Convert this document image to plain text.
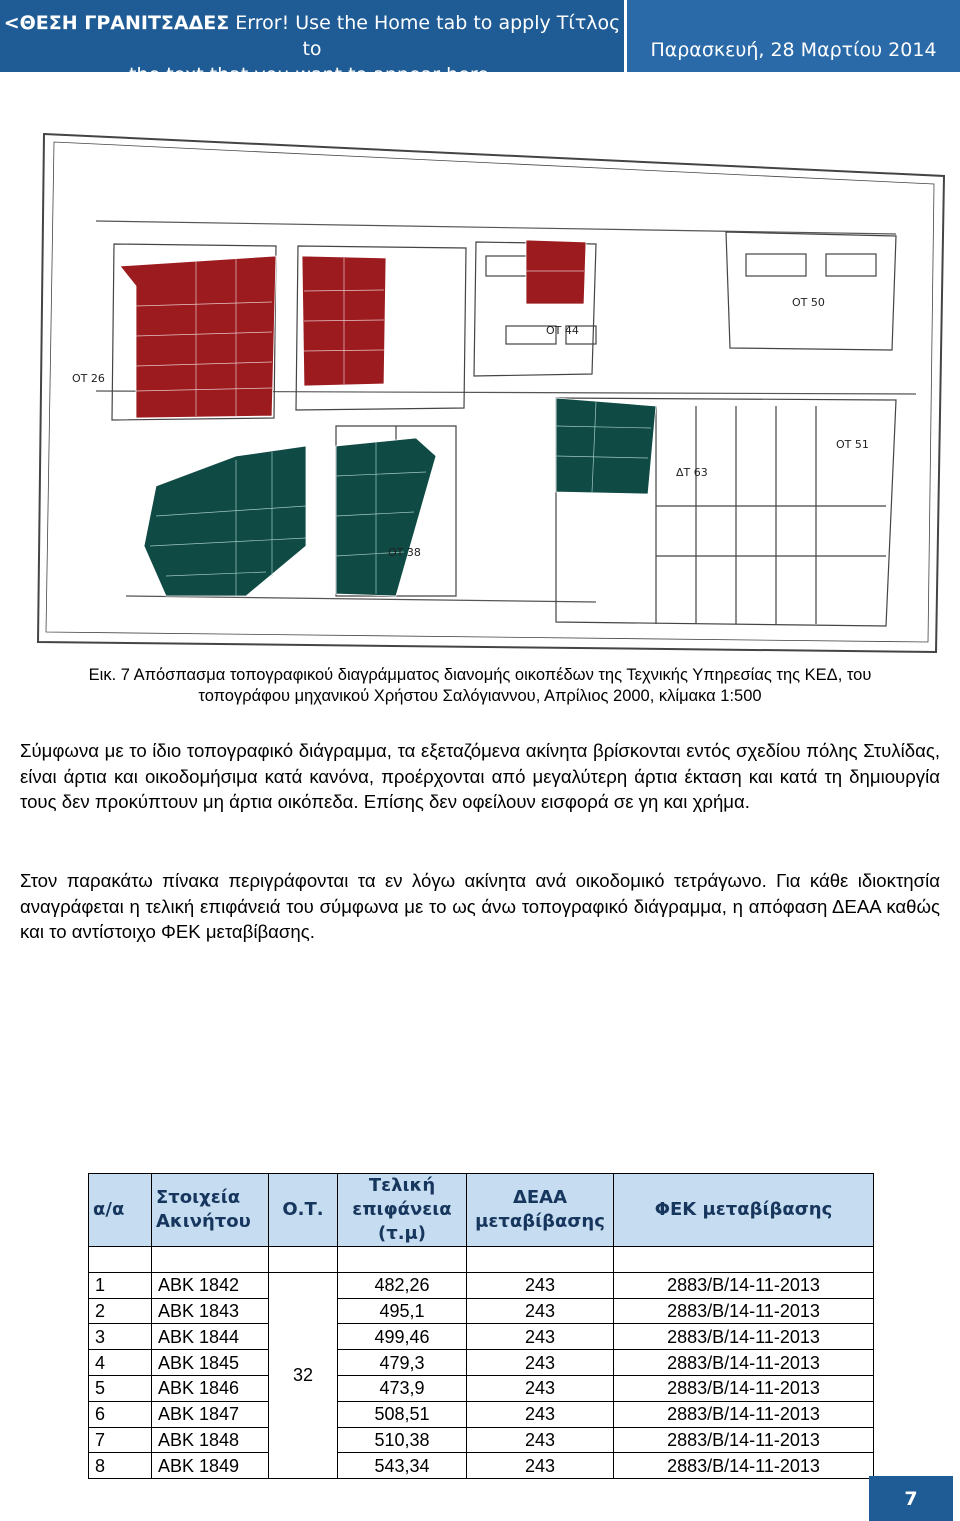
<ΘΕΣΗ ΓΡΑΝΙΤΣΑΔΕΣ Error! Use the Home tab to apply Τίτλος to
the text that you want to appear here.
Παρασκευή, 28 Μαρτίου 2014
ΟΤ 26
ΟΤ 44
ΟΤ 50
ΟΤ 51
ΔΤ 63
ΟΤ 38
Εικ. 7 Απόσπασμα τοπογραφικού διαγράμματος διανομής οικοπέδων της Τεχνικής Υπηρεσίας της ΚΕΔ, του
τοπογράφου μηχανικού Χρήστου Σαλόγιαννου, Απρίλιος 2000, κλίμακα 1:500
Σύμφωνα με το ίδιο τοπογραφικό διάγραμμα, τα εξεταζόμενα ακίνητα βρίσκονται εντός σχεδίου πόλης Στυλίδας, είναι άρτια και οικοδομήσιμα κατά κανόνα, προέρχονται από μεγαλύτερη άρτια έκταση και κατά τη δημιουργία τους δεν προκύπτουν μη άρτια οικόπεδα. Επίσης δεν οφείλουν εισφορά σε γη και χρήμα.
Στον παρακάτω πίνακα περιγράφονται τα εν λόγω ακίνητα ανά οικοδομικό τετράγωνο. Για κάθε ιδιοκτησία αναγράφεται η τελική επιφάνειά του σύμφωνα με το ως άνω τοπογραφικό διάγραμμα, η απόφαση ΔΕΑΑ καθώς και το αντίστοιχο ΦΕΚ μεταβίβασης.
α/α	Στοιχεία
Ακινήτου	Ο.Τ.	Τελική
επιφάνεια (τ.μ)	ΔΕΑΑ
μεταβίβασης	ΦΕΚ μεταβίβασης

1	ΑΒΚ 1842	32	482,26	243	2883/Β/14-11-2013
2	ΑΒΚ 1843		495,1	243	2883/Β/14-11-2013
3	ΑΒΚ 1844		499,46	243	2883/Β/14-11-2013
4	ΑΒΚ 1845		479,3	243	2883/Β/14-11-2013
5	ΑΒΚ 1846		473,9	243	2883/Β/14-11-2013
6	ΑΒΚ 1847		508,51	243	2883/Β/14-11-2013
7	ΑΒΚ 1848		510,38	243	2883/Β/14-11-2013
8	ΑΒΚ 1849		543,34	243	2883/Β/14-11-2013
7
